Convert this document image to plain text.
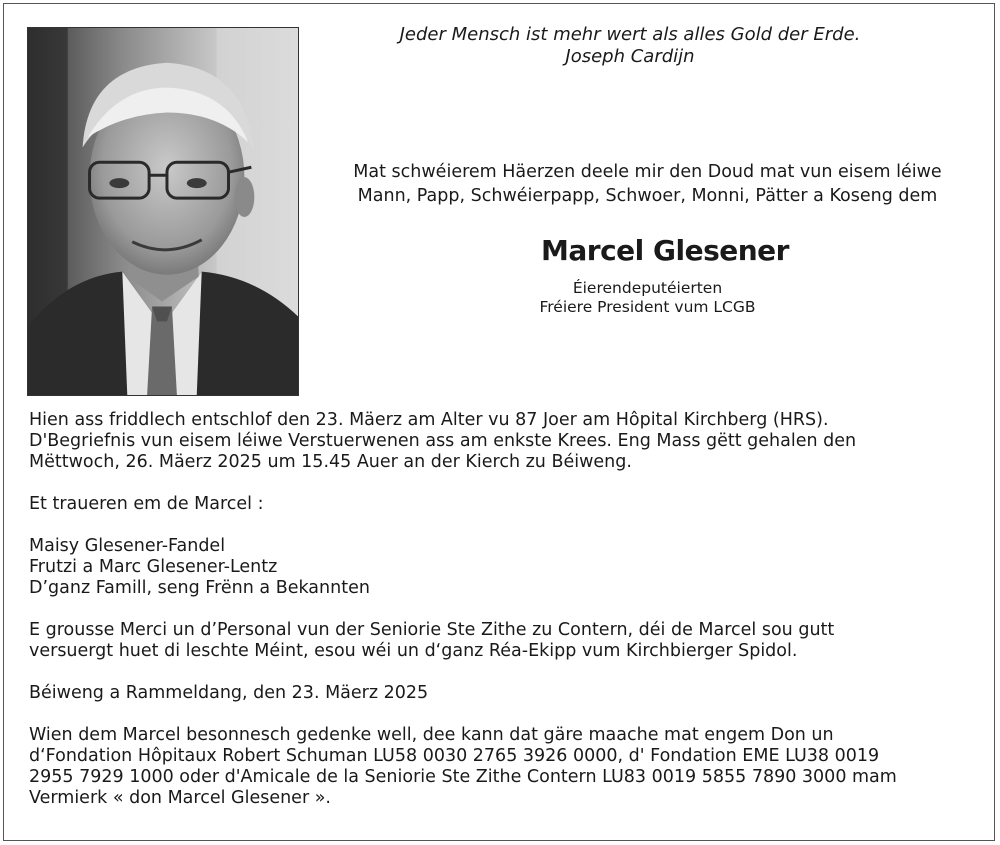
Jeder Mensch ist mehr wert als alles Gold der Erde.
Joseph Cardijn
Mat schwéierem Häerzen deele mir den Doud mat vun eisem léiwe
Mann, Papp, Schwéierpapp, Schwoer, Monni, Pätter a Koseng dem
Marcel Glesener
Éierendeputéierten
Fréiere President vum LCGB

Hien ass friddlech entschlof den 23. Mäerz am Alter vu 87 Joer am Hôpital Kirchberg (HRS).

D'Begriefnis vun eisem léiwe Verstuerwenen ass am enkste Krees. Eng Mass gëtt gehalen den

Mëttwoch, 26. Mäerz 2025 um 15.45 Auer an der Kierch zu Béiweng.

Et traueren em de Marcel :

Maisy Glesener-Fandel

Frutzi a Marc Glesener-Lentz

D’ganz Famill, seng Frënn a Bekannten

E grousse Merci un d’Personal vun der Seniorie Ste Zithe zu Contern, déi de Marcel sou gutt

versuergt huet di leschte Méint, esou wéi un d‘ganz Réa-Ekipp vum Kirchbierger Spidol.

Béiweng a Rammeldang, den 23. Mäerz 2025

Wien dem Marcel besonnesch gedenke well, dee kann dat gäre maache mat engem Don un

d‘Fondation Hôpitaux Robert Schuman LU58 0030 2765 3926 0000, d' Fondation EME LU38 0019

2955 7929 1000 oder d'Amicale de la Seniorie Ste Zithe Contern LU83 0019 5855 7890 3000 mam

Vermierk « don Marcel Glesener ».
